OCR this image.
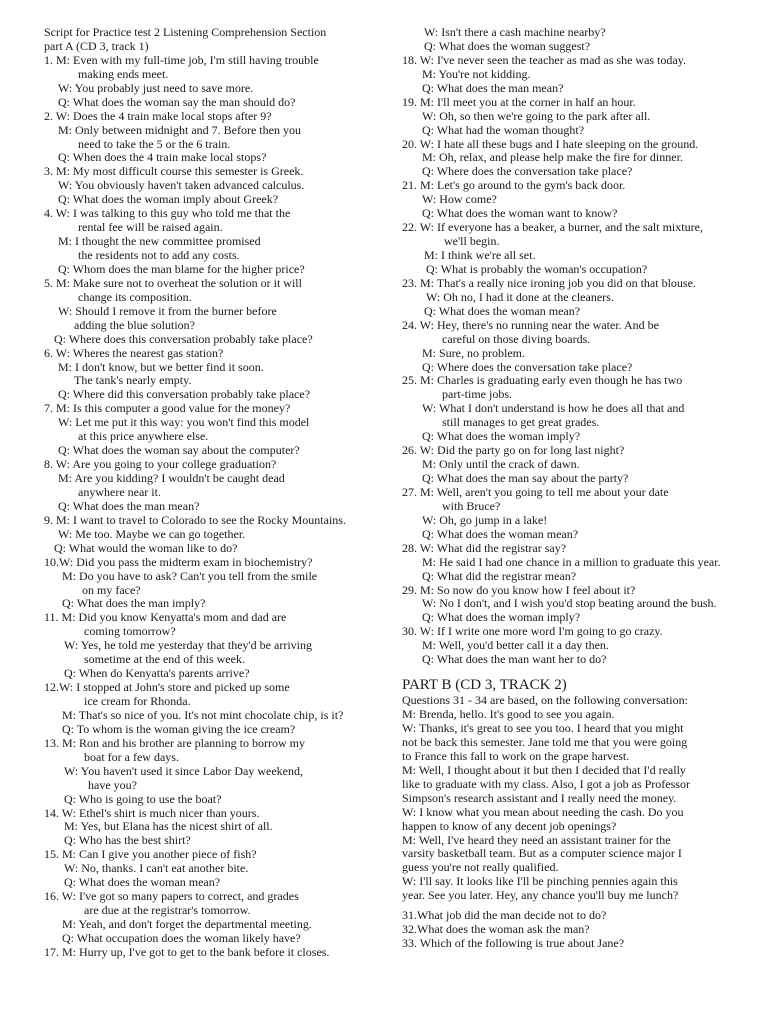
Script for Practice test 2 Listening Comprehension Section
part A (CD 3, track 1)
1. M: Even with my full-time job, I'm still having trouble
making ends meet.
W: You probably just need to save more.
Q: What does the woman say the man should do?
2. W: Does the 4 train make local stops after 9?
M: Only between midnight and 7. Before then you
need to take the 5 or the 6 train.
Q: When does the 4 train make local stops?
3. M: My most difficult course this semester is Greek.
W: You obviously haven't taken advanced calculus.
Q: What does the woman imply about Greek?
4. W: I was talking to this guy who told me that the
rental fee will be raised again.
M: I thought the new committee promised
the residents not to add any costs.
Q: Whom does the man blame for the higher price?
5. M: Make sure not to overheat the solution or it will
change its composition.
W: Should I remove it from the burner before
adding the blue solution?
Q: Where does this conversation probably take place?
6. W: Wheres the nearest gas station?
M: I don't know, but we better find it soon.
The tank's nearly empty.
Q: Where did this conversation probably take place?
7. M: Is this computer a good value for the money?
W: Let me put it this way: you won't find this model
at this price anywhere else.
Q: What does the woman say about the computer?
8. W: Are you going to your college graduation?
M: Are you kidding? I wouldn't be caught dead
anywhere near it.
Q: What does the man mean?
9. M: I want to travel to Colorado to see the Rocky Mountains.
W: Me too. Maybe we can go together.
Q: What would the woman like to do?
10.W: Did you pass the midterm exam in biochemistry?
M: Do you have to ask? Can't you tell from the smile
on my face?
Q: What does the man imply?
11. M: Did you know Kenyatta's mom and dad are
coming tomorrow?
W: Yes, he told me yesterday that they'd be arriving
sometime at the end of this week.
Q: When do Kenyatta's parents arrive?
12.W: I stopped at John's store and picked up some
ice cream for Rhonda.
M: That's so nice of you. It's not mint chocolate chip, is it?
Q: To whom is the woman giving the ice cream?
13. M: Ron and his brother are planning to borrow my
boat for a few days.
W: You haven't used it since Labor Day weekend,
have you?
Q: Who is going to use the boat?
14. W: Ethel's shirt is much nicer than yours.
M: Yes, but Elana has the nicest shirt of all.
Q: Who has the best shirt?
15. M: Can I give you another piece of fish?
W: No, thanks. I can't eat another bite.
Q: What does the woman mean?
16. W: I've got so many papers to correct, and grades
are due at the registrar's tomorrow.
M: Yeah, and don't forget the departmental meeting.
Q: What occupation does the woman likely have?
17. M: Hurry up, I've got to get to the bank before it closes.
W: Isn't there a cash machine nearby?
Q: What does the woman suggest?
18. W: I've never seen the teacher as mad as she was today.
M: You're not kidding.
Q: What does the man mean?
19. M: I'll meet you at the corner in half an hour.
W: Oh, so then we're going to the park after all.
Q: What had the woman thought?
20. W: I hate all these bugs and I hate sleeping on the ground.
M: Oh, relax, and please help make the fire for dinner.
Q: Where does the conversation take place?
21. M: Let's go around to the gym's back door.
W: How come?
Q: What does the woman want to know?
22. W: If everyone has a beaker, a burner, and the salt mixture,
we'll begin.
M: I think we're all set.
Q: What is probably the woman's occupation?
23. M: That's a really nice ironing job you did on that blouse.
W: Oh no, I had it done at the cleaners.
Q: What does the woman mean?
24. W: Hey, there's no running near the water. And be
careful on those diving boards.
M: Sure, no problem.
Q: Where does the conversation take place?
25. M: Charles is graduating early even though he has two
part-time jobs.
W: What I don't understand is how he does all that and
still manages to get great grades.
Q: What does the woman imply?
26. W: Did the party go on for long last night?
M: Only until the crack of dawn.
Q: What does the man say about the party?
27. M: Well, aren't you going to tell me about your date
with Bruce?
W: Oh, go jump in a lake!
Q: What does the woman mean?
28. W: What did the registrar say?
M: He said I had one chance in a million to graduate this year.
Q: What did the registrar mean?
29. M: So now do you know how I feel about it?
W: No I don't, and I wish you'd stop beating around the bush.
Q: What does the woman imply?
30. W: If I write one more word I'm going to go crazy.
M: Well, you'd better call it a day then.
Q: What does the man want her to do?
PART B (CD 3, TRACK 2)
Questions 31 - 34 are based, on the following conversation:
M: Brenda, hello. It's good to see you again.
W: Thanks, it's great to see you too. I heard that you might
not be back this semester. Jane told me that you were going
to France this fall to work on the grape harvest.
M: Well, I thought about it but then I decided that I'd really
like to graduate with my class. Also, I got a job as Professor
Simpson's research assistant and I really need the money.
W: I know what you mean about needing the cash. Do you
happen to know of any decent job openings?
M: Well, I've heard they need an assistant trainer for the
varsity basketball team. But as a computer science major I
guess you're not really qualified.
W: I'll say. It looks like I'll be pinching pennies again this
year. See you later. Hey, any chance you'll buy me lunch?
31.What job did the man decide not to do?
32.What does the woman ask the man?
33. Which of the following is true about Jane?
